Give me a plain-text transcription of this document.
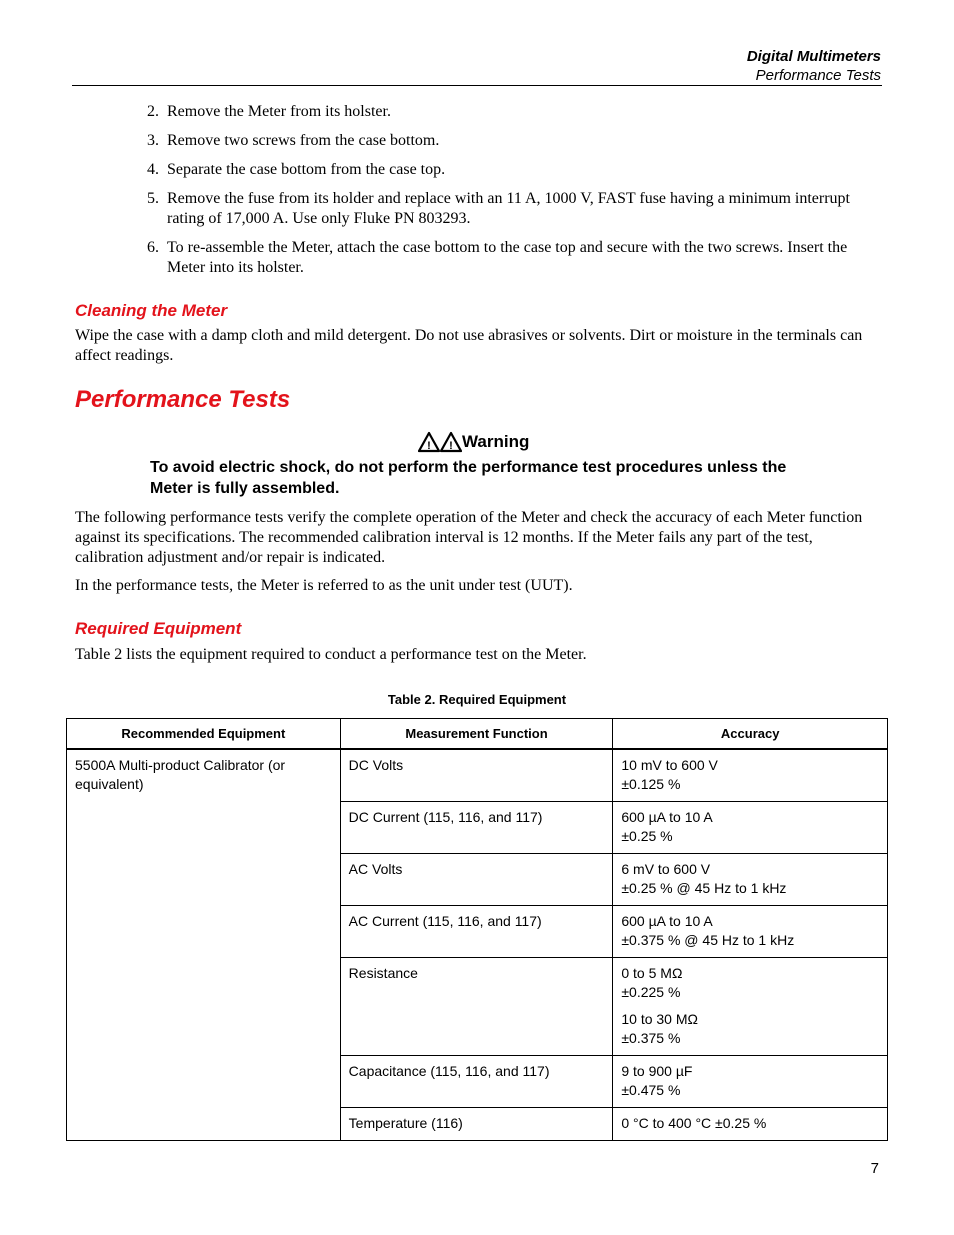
Digital Multimeters
Performance Tests
2. Remove the Meter from its holster.
3. Remove two screws from the case bottom.
4. Separate the case bottom from the case top.
5. Remove the fuse from its holder and replace with an 11 A, 1000 V, FAST fuse having a minimum interrupt rating of 17,000 A. Use only Fluke PN 803293.
6. To re-assemble the Meter, attach the case bottom to the case top and secure with the two screws. Insert the Meter into its holster.
Cleaning the Meter
Wipe the case with a damp cloth and mild detergent. Do not use abrasives or solvents. Dirt or moisture in the terminals can affect readings.
Performance Tests
! ! Warning
To avoid electric shock, do not perform the performance test procedures unless the Meter is fully assembled.
The following performance tests verify the complete operation of the Meter and check the accuracy of each Meter function against its specifications. The recommended calibration interval is 12 months. If the Meter fails any part of the test, calibration adjustment and/or repair is indicated.
In the performance tests, the Meter is referred to as the unit under test (UUT).
Required Equipment
Table 2 lists the equipment required to conduct a performance test on the Meter.
Table 2. Required Equipment
Recommended Equipment	Measurement Function	Accuracy
5500A Multi-product Calibrator (or equivalent)	DC Volts	10 mV to 600 V
±0.125 %

	DC Current (115, 116, and 117)	600 µA to 10 A
±0.25 %

	AC Volts	6 mV to 600 V
±0.25 % @ 45 Hz to 1 kHz

	AC Current (115, 116, and 117)	600 µA to 10 A
±0.375 % @ 45 Hz to 1 kHz

	Resistance	0 to 5 MΩ
±0.225 %
10 to 30 MΩ
±0.375 %

	Capacitance (115, 116, and 117)	9 to 900 µF
±0.475 %

	Temperature (116)	0 °C to 400 °C ±0.25 %
7
